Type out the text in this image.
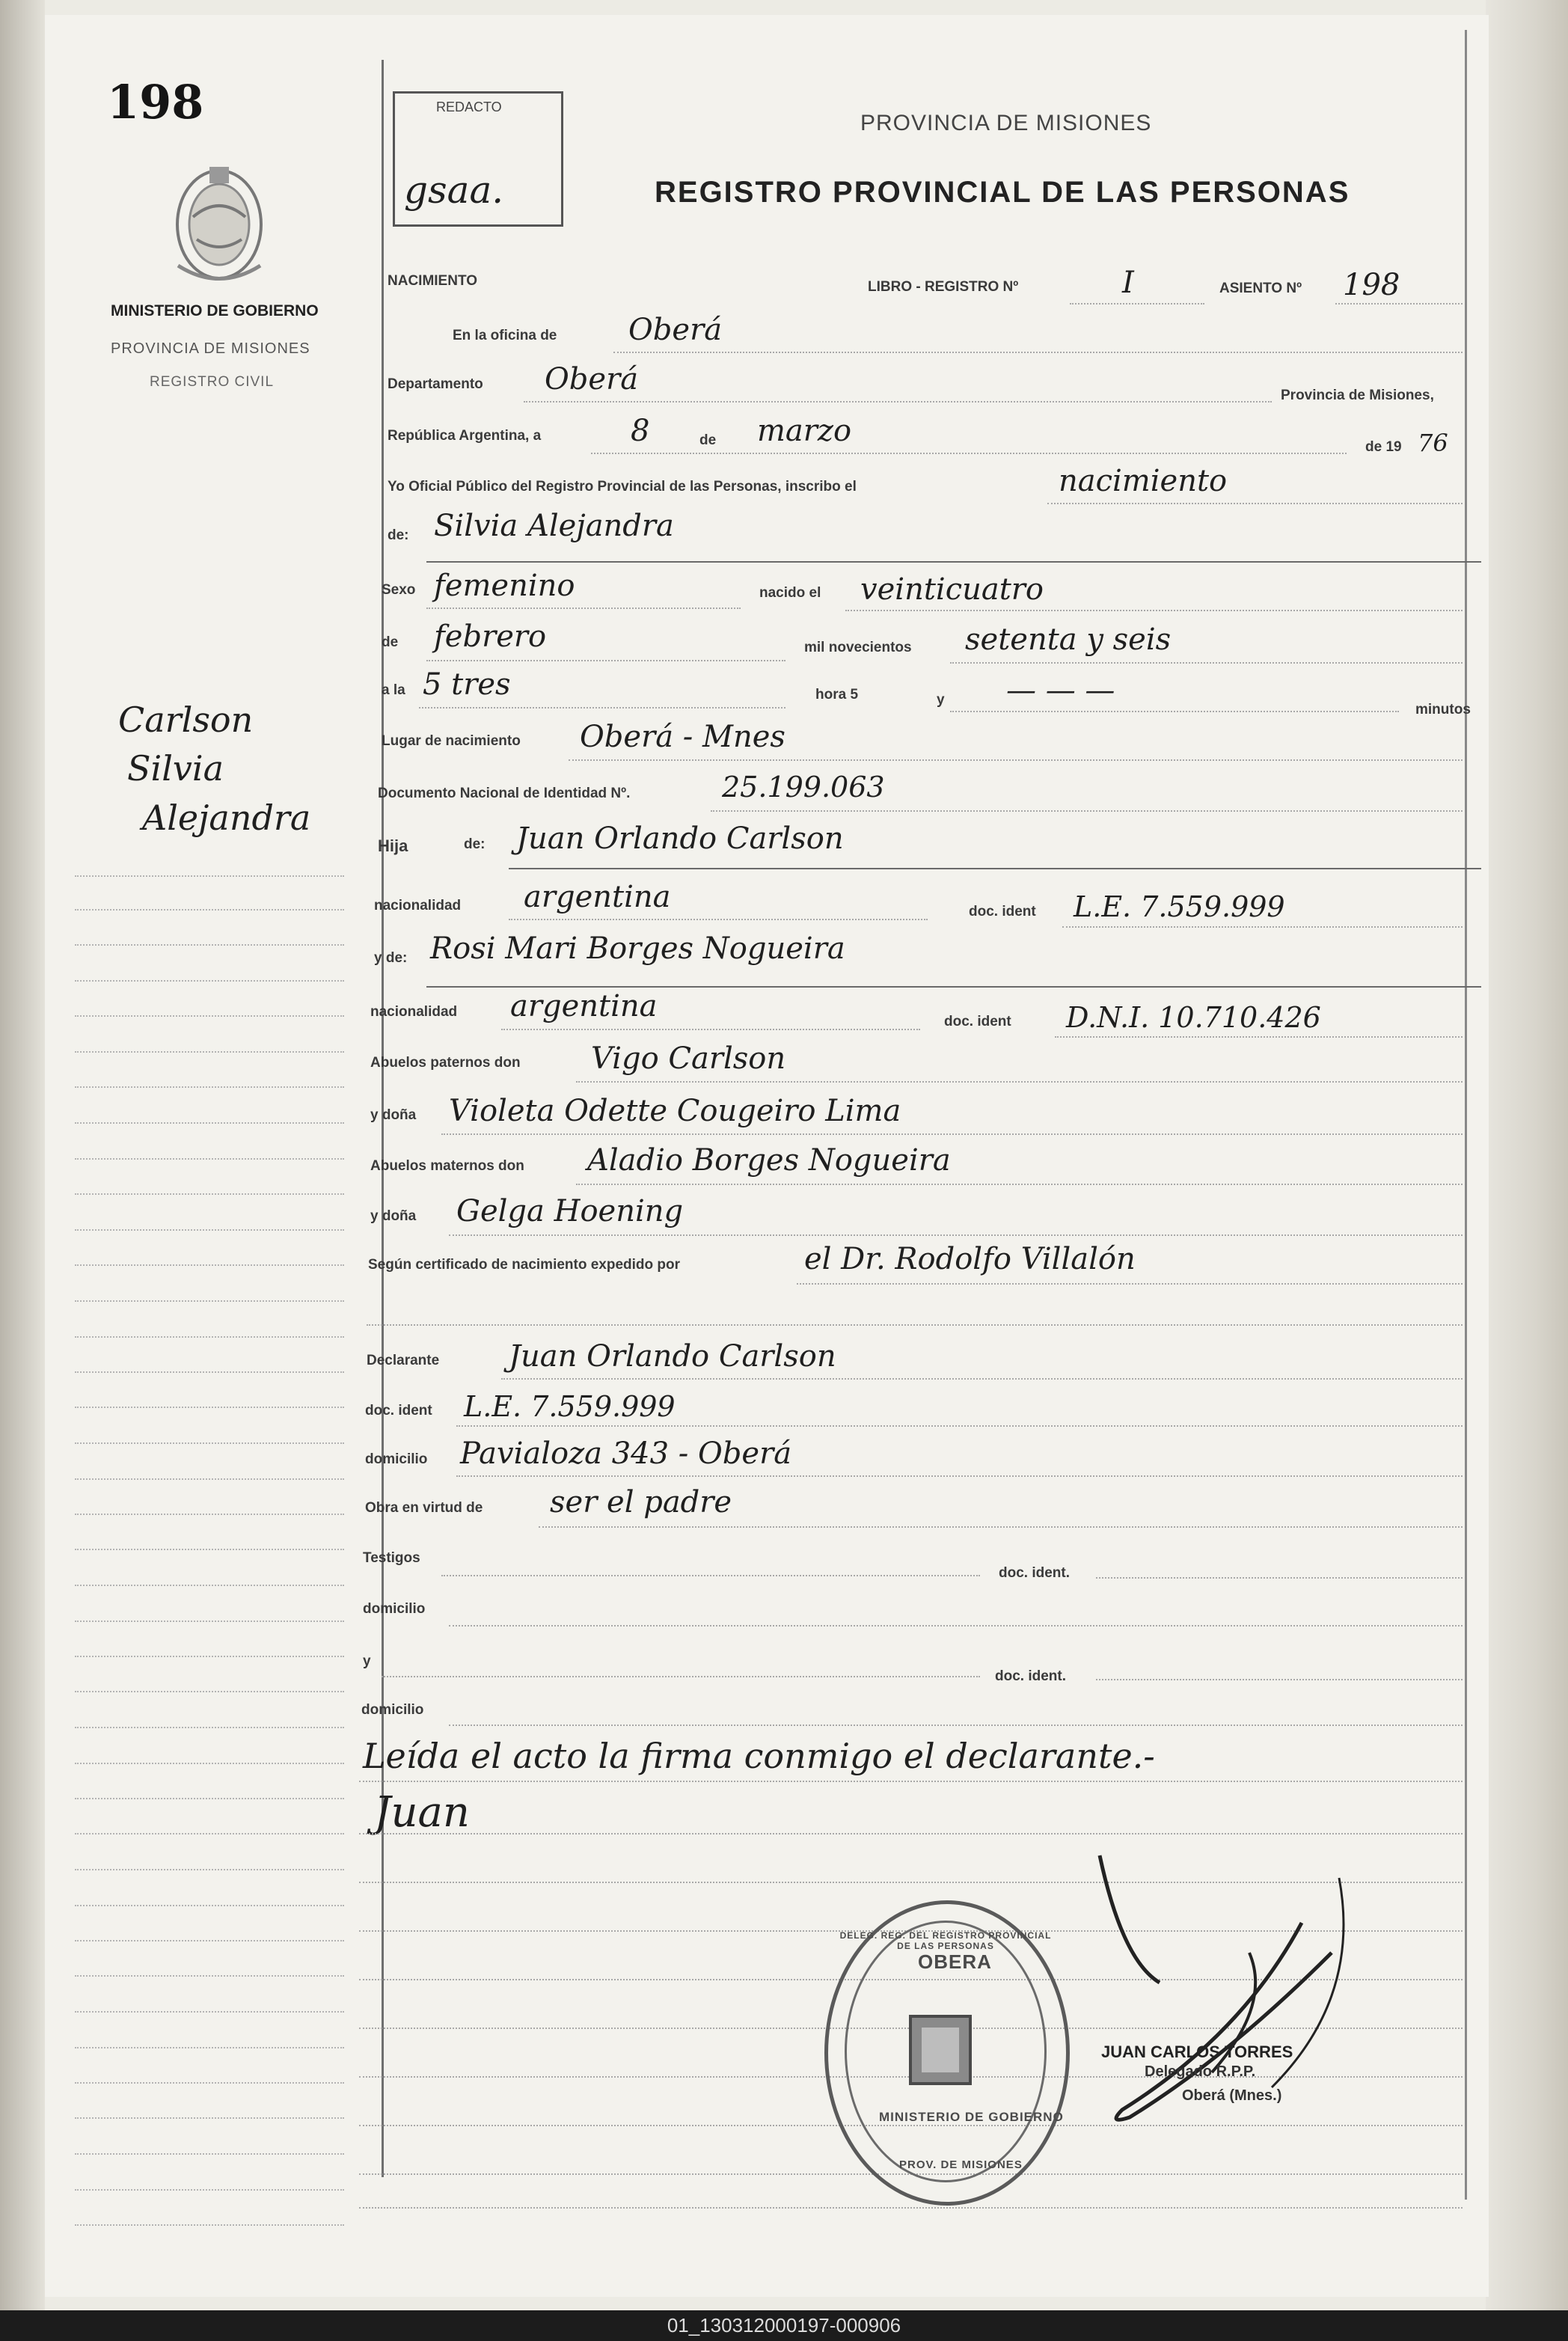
198
MINISTERIO DE GOBIERNO
PROVINCIA DE MISIONES
REGISTRO CIVIL
Carlson
Silvia
Alejandra
REDACTO
gsaa.
PROVINCIA DE MISIONES
REGISTRO PROVINCIAL DE LAS PERSONAS
NACIMIENTO	LIBRO - REGISTRO Nº	I	ASIENTO Nº 198
En la oficina de Oberá
Departamento Oberá	Provincia de Misiones,
República Argentina, a	8	de marzo	de 19 76
Yo Oficial Público del Registro Provincial de las Personas, inscribo el	nacimiento
de: Silvia Alejandra
Sexo femenino	nacido el veinticuatro
de febrero	mil novecientos setenta y seis
a la 5 tres	hora 5	y — — —
minutos
Lugar de nacimiento Oberá - Mnes
Documento Nacional de Identidad Nº.	25.199.063
Hija	de: Juan Orlando Carlson
nacionalidad argentina	doc. ident L.E. 7.559.999
y de: Rosi Mari Borges Nogueira
nacionalidad argentina	doc. ident D.N.I. 10.710.426
Abuelos paternos don Vigo Carlson
y doña Violeta Odette Cougeiro Lima
Abuelos maternos don Aladio Borges Nogueira
y doña Gelga Hoening
Según certificado de nacimiento expedido por	el Dr. Rodolfo Villalón
Declarante Juan Orlando Carlson
doc. ident L.E. 7.559.999
domicilio Pavialoza 343 - Oberá
Obra en virtud de ser el padre
Testigos
doc. ident.
domicilio
y
doc. ident.
domicilio
Leída el acto la firma conmigo el declarante.-
Juan
OBERA
DELEG. REG. DEL REGISTRO PROVINCIAL DE LAS PERSONAS
MINISTERIO DE GOBIERNO
PROV. DE MISIONES
JUAN CARLOS TORRES
Delegado R.P.P.
Oberá (Mnes.)
01_130312000197-000906
